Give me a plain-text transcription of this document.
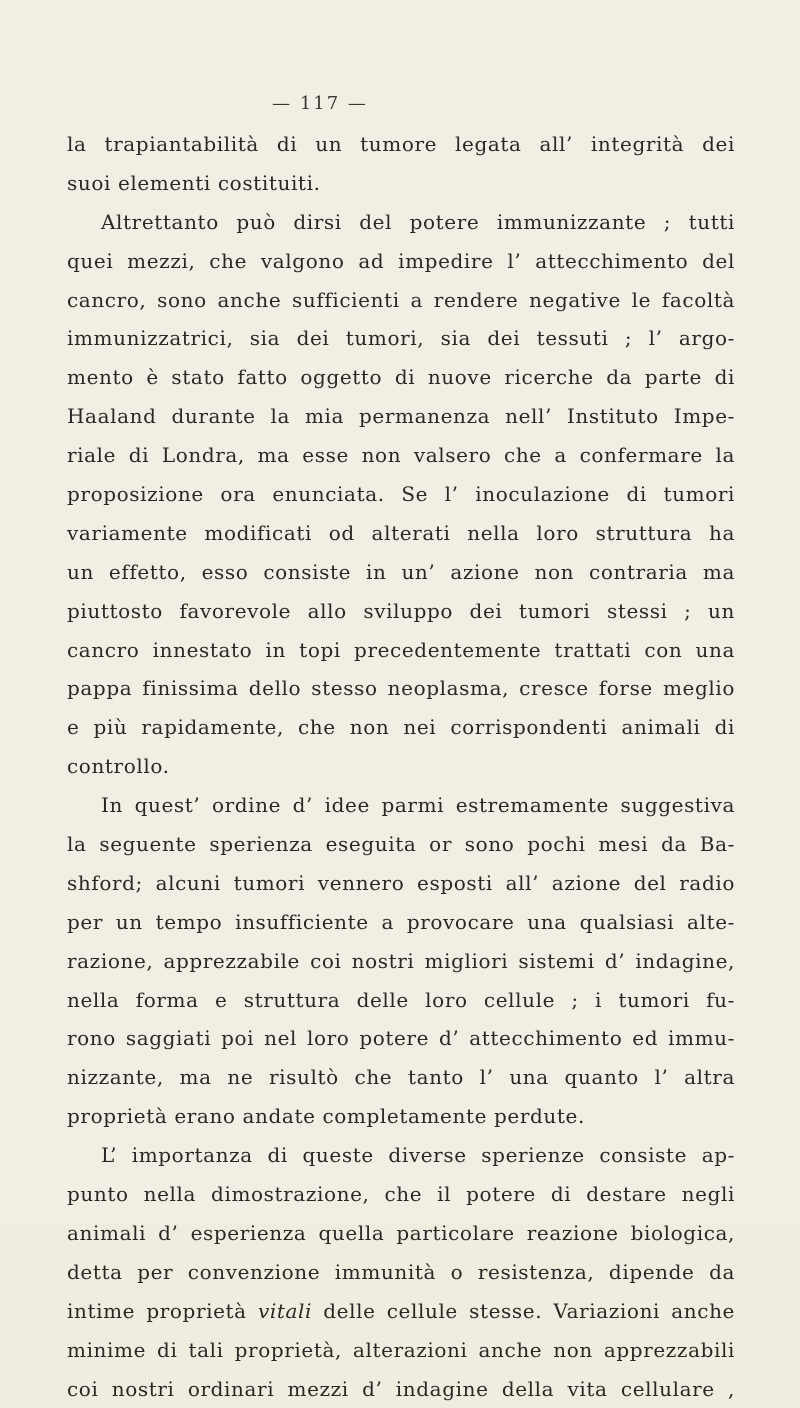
— 117 —
la trapiantabilità di un tumore legata all’ integrità dei
suoi elementi costituiti.
Altrettanto può dirsi del potere immunizzante ; tutti
quei mezzi, che valgono ad impedire l’ attecchimento del
cancro, sono anche sufficienti a rendere negative le facoltà
immunizzatrici, sia dei tumori, sia dei tessuti ; l’ argo-
mento è stato fatto oggetto di nuove ricerche da parte di
Haaland durante la mia permanenza nell’ Instituto Impe-
riale di Londra, ma esse non valsero che a confermare la
proposizione ora enunciata. Se l’ inoculazione di tumori
variamente modificati od alterati nella loro struttura ha
un effetto, esso consiste in un’ azione non contraria ma
piuttosto favorevole allo sviluppo dei tumori stessi ; un
cancro innestato in topi precedentemente trattati con una
pappa finissima dello stesso neoplasma, cresce forse meglio
e più rapidamente, che non nei corrispondenti animali di
controllo.
In quest’ ordine d’ idee parmi estremamente suggestiva
la seguente sperienza eseguita or sono pochi mesi da Ba-
shford; alcuni tumori vennero esposti all’ azione del radio
per un tempo insufficiente a provocare una qualsiasi alte-
razione, apprezzabile coi nostri migliori sistemi d’ indagine,
nella forma e struttura delle loro cellule ; i tumori fu-
rono saggiati poi nel loro potere d’ attecchimento ed immu-
nizzante, ma ne risultò che tanto l’ una quanto l’ altra
proprietà erano andate completamente perdute.
L’ importanza di queste diverse sperienze consiste ap-
punto nella dimostrazione, che il potere di destare negli
animali d’ esperienza quella particolare reazione biologica,
detta per convenzione immunità o resistenza, dipende da
intime proprietà vitali delle cellule stesse. Variazioni anche
minime di tali proprietà, alterazioni anche non apprezzabili
coi nostri ordinari mezzi d’ indagine della vita cellulare ,
